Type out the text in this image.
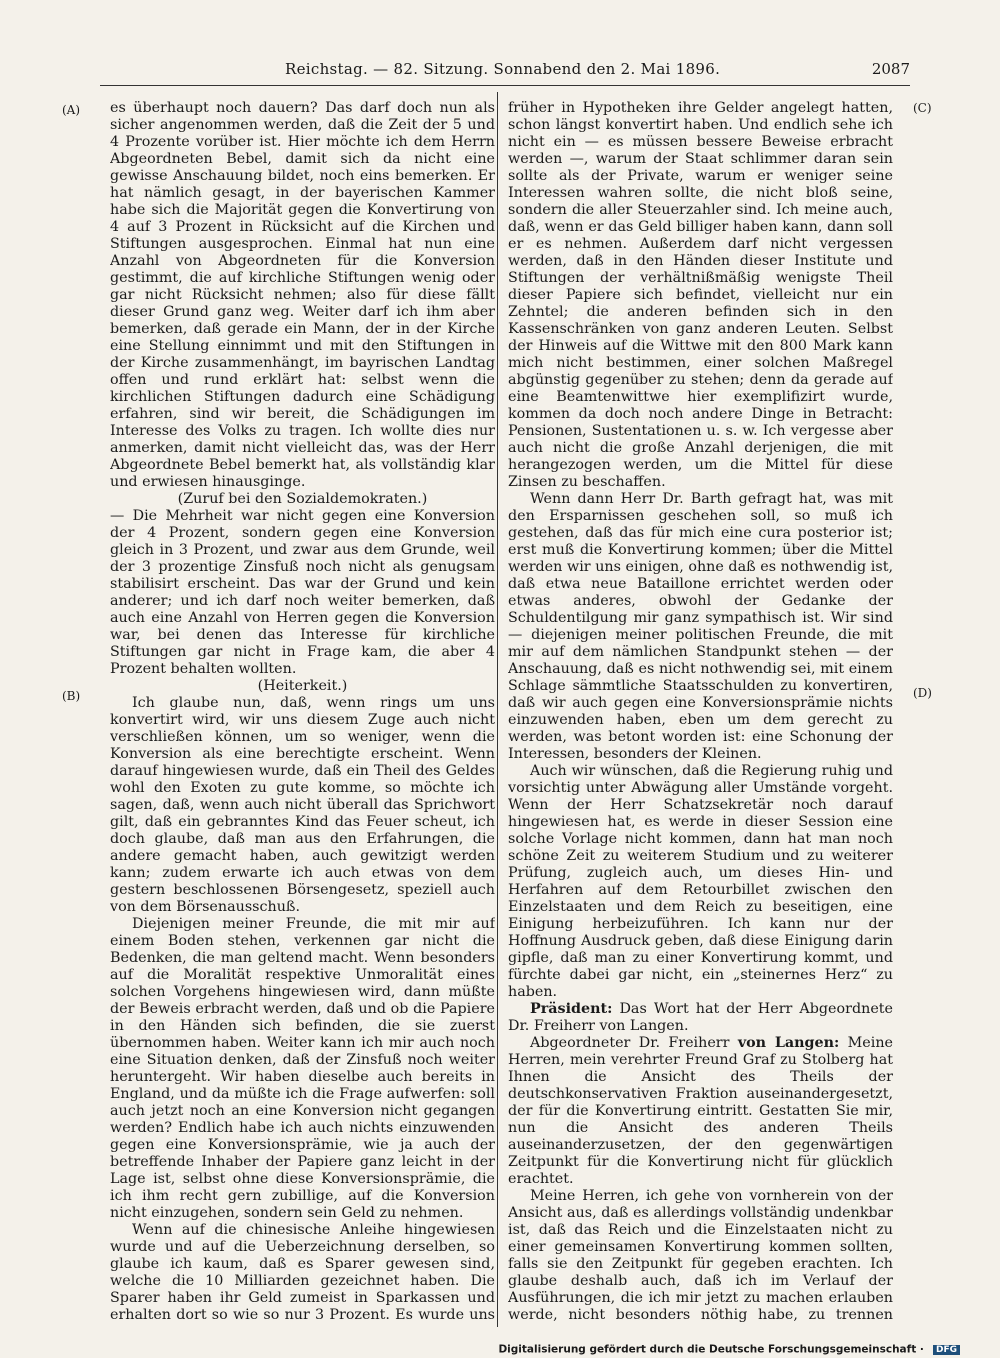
Reichstag. — 82. Sitzung. Sonnabend den 2. Mai 1896.	2087
(A)
(B)
(C)
(D)

es überhaupt noch dauern? Das darf doch nun als sicher angenommen werden, daß die Zeit der 5 und 4 Prozente vorüber ist. Hier möchte ich dem Herrn Abgeordneten Bebel, damit sich da nicht eine gewisse Anschauung bildet, noch eins bemerken. Er hat nämlich gesagt, in der bayerischen Kammer habe sich die Majorität gegen die Konvertirung von 4 auf 3 Prozent in Rücksicht auf die Kirchen und Stiftungen ausgesprochen. Einmal hat nun eine Anzahl von Abgeordneten für die Konversion gestimmt, die auf kirchliche Stiftungen wenig oder gar nicht Rücksicht nehmen; also für diese fällt dieser Grund ganz weg. Weiter darf ich ihm aber bemerken, daß gerade ein Mann, der in der Kirche eine Stellung einnimmt und mit den Stiftungen in der Kirche zusammenhängt, im bayrischen Landtag offen und rund erklärt hat: selbst wenn die kirchlichen Stiftungen dadurch eine Schädigung erfahren, sind wir bereit, die Schädigungen im Interesse des Volks zu tragen. Ich wollte dies nur anmerken, damit nicht vielleicht das, was der Herr Abgeordnete Bebel bemerkt hat, als vollständig klar und erwiesen hinausginge.

(Zuruf bei den Sozialdemokraten.)

— Die Mehrheit war nicht gegen eine Konversion der 4 Prozent, sondern gegen eine Konversion gleich in 3 Prozent, und zwar aus dem Grunde, weil der 3 prozentige Zinsfuß noch nicht als genugsam stabilisirt erscheint. Das war der Grund und kein anderer; und ich darf noch weiter bemerken, daß auch eine Anzahl von Herren gegen die Konversion war, bei denen das Interesse für kirchliche Stiftungen gar nicht in Frage kam, die aber 4 Prozent behalten wollten.

(Heiterkeit.)

Ich glaube nun, daß, wenn rings um uns konvertirt wird, wir uns diesem Zuge auch nicht verschließen können, um so weniger, wenn die Konversion als eine berechtigte erscheint. Wenn darauf hingewiesen wurde, daß ein Theil des Geldes wohl den Exoten zu gute komme, so möchte ich sagen, daß, wenn auch nicht überall das Sprichwort gilt, daß ein gebranntes Kind das Feuer scheut, ich doch glaube, daß man aus den Erfahrungen, die andere gemacht haben, auch gewitzigt werden kann; zudem erwarte ich auch etwas von dem gestern beschlossenen Börsengesetz, speziell auch von dem Börsenausschuß.

Diejenigen meiner Freunde, die mit mir auf einem Boden stehen, verkennen gar nicht die Bedenken, die man geltend macht. Wenn besonders auf die Moralität respektive Unmoralität eines solchen Vorgehens hingewiesen wird, dann müßte der Beweis erbracht werden, daß und ob die Papiere in den Händen sich befinden, die sie zuerst übernommen haben. Weiter kann ich mir auch noch eine Situation denken, daß der Zinsfuß noch weiter heruntergeht. Wir haben dieselbe auch bereits in England, und da müßte ich die Frage aufwerfen: soll auch jetzt noch an eine Konversion nicht gegangen werden? Endlich habe ich auch nichts einzuwenden gegen eine Konversionsprämie, wie ja auch der betreffende Inhaber der Papiere ganz leicht in der Lage ist, selbst ohne diese Konversionsprämie, die ich ihm recht gern zubillige, auf die Konversion nicht einzugehen, sondern sein Geld zu nehmen.

Wenn auf die chinesische Anleihe hingewiesen wurde und auf die Ueberzeichnung derselben, so glaube ich kaum, daß es Sparer gewesen sind, welche die 10 Milliarden gezeichnet haben. Die Sparer haben ihr Geld zumeist in Sparkassen und erhalten dort so wie so nur 3 Prozent. Es wurde uns

früher in Hypotheken ihre Gelder angelegt hatten, schon längst konvertirt haben. Und endlich sehe ich nicht ein — es müssen bessere Beweise erbracht werden —, warum der Staat schlimmer daran sein sollte als der Private, warum er weniger seine Interessen wahren sollte, die nicht bloß seine, sondern die aller Steuerzahler sind. Ich meine auch, daß, wenn er das Geld billiger haben kann, dann soll er es nehmen. Außerdem darf nicht vergessen werden, daß in den Händen dieser Institute und Stiftungen der verhältnißmäßig wenigste Theil dieser Papiere sich befindet, vielleicht nur ein Zehntel; die anderen befinden sich in den Kassenschränken von ganz anderen Leuten. Selbst der Hinweis auf die Wittwe mit den 800 Mark kann mich nicht bestimmen, einer solchen Maßregel abgünstig gegenüber zu stehen; denn da gerade auf eine Beamtenwittwe hier exemplifizirt wurde, kommen da doch noch andere Dinge in Betracht: Pensionen, Sustentationen u. s. w. Ich vergesse aber auch nicht die große Anzahl derjenigen, die mit herangezogen werden, um die Mittel für diese Zinsen zu beschaffen.

Wenn dann Herr Dr. Barth gefragt hat, was mit den Ersparnissen geschehen soll, so muß ich gestehen, daß das für mich eine cura posterior ist; erst muß die Konvertirung kommen; über die Mittel werden wir uns einigen, ohne daß es nothwendig ist, daß etwa neue Bataillone errichtet werden oder etwas anderes, obwohl der Gedanke der Schuldentilgung mir ganz sympathisch ist. Wir sind — diejenigen meiner politischen Freunde, die mit mir auf dem nämlichen Standpunkt stehen — der Anschauung, daß es nicht nothwendig sei, mit einem Schlage sämmtliche Staatsschulden zu konvertiren, daß wir auch gegen eine Konversionsprämie nichts einzuwenden haben, eben um dem gerecht zu werden, was betont worden ist: eine Schonung der Interessen, besonders der Kleinen.

Auch wir wünschen, daß die Regierung ruhig und vorsichtig unter Abwägung aller Umstände vorgeht. Wenn der Herr Schatzsekretär noch darauf hingewiesen hat, es werde in dieser Session eine solche Vorlage nicht kommen, dann hat man noch schöne Zeit zu weiterem Studium und zu weiterer Prüfung, zugleich auch, um dieses Hin- und Herfahren auf dem Retourbillet zwischen den Einzelstaaten und dem Reich zu beseitigen, eine Einigung herbeizuführen. Ich kann nur der Hoffnung Ausdruck geben, daß diese Einigung darin gipfle, daß man zu einer Konvertirung kommt, und fürchte dabei gar nicht, ein „steinernes Herz“ zu haben.

Präsident: Das Wort hat der Herr Abgeordnete Dr. Freiherr von Langen.

Abgeordneter Dr. Freiherr von Langen: Meine Herren, mein verehrter Freund Graf zu Stolberg hat Ihnen die Ansicht des Theils der deutschkonservativen Fraktion auseinandergesetzt, der für die Konvertirung eintritt. Gestatten Sie mir, nun die Ansicht des anderen Theils auseinanderzusetzen, der den gegenwärtigen Zeitpunkt für die Konvertirung nicht für glücklich erachtet.

Meine Herren, ich gehe von vornherein von der Ansicht aus, daß es allerdings vollständig undenkbar ist, daß das Reich und die Einzelstaaten nicht zu einer gemeinsamen Konvertirung kommen sollten, falls sie den Zeitpunkt für gegeben erachten. Ich glaube deshalb auch, daß ich im Verlauf der Ausführungen, die ich mir jetzt zu machen erlauben werde, nicht besonders nöthig habe, zu trennen

Digitalisierung gefördert durch die Deutsche Forschungsgemeinschaft · DFG
